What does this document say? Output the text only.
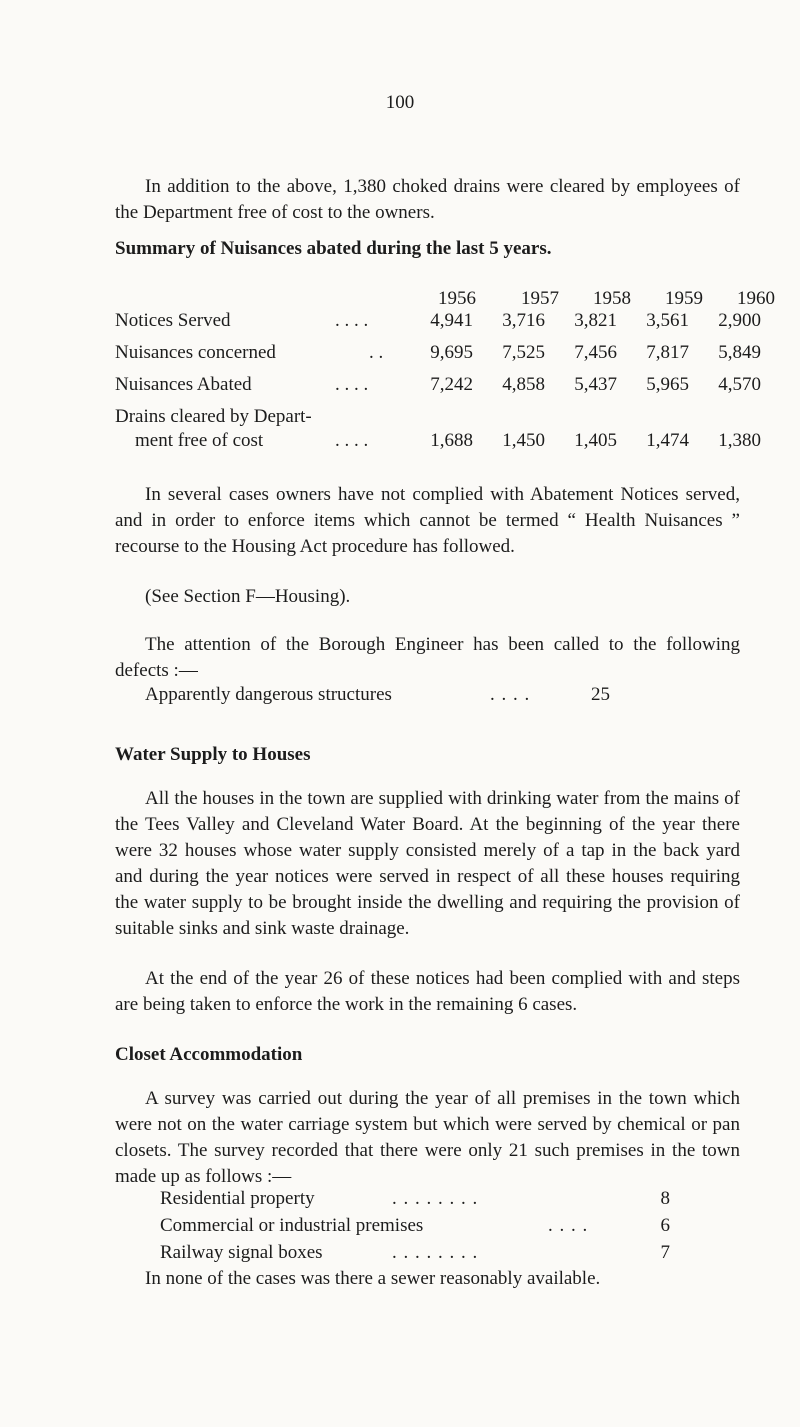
100

In addition to the above, 1,380 choked drains were cleared by employees of the Department free of cost to the owners.

Summary of Nuisances abated during the last 5 years.

1956	1957	1958	1959	1960
Notices Served	. . . .	4,941	3,716	3,821	3,561	2,900
Nuisances concerned	. .	9,695	7,525	7,456	7,817	5,849
Nuisances Abated	. . . .	7,242	4,858	5,437	5,965	4,570
Drains cleared by Depart-
ment free of cost	. . . .	1,688	1,450	1,405	1,474	1,380

In several cases owners have not complied with Abatement Notices served, and in order to enforce items which cannot be termed “ Health Nuisances ” recourse to the Housing Act procedure has followed.

(See Section F—Housing).

The attention of the Borough Engineer has been called to the following defects :—

Apparently dangerous structures	. . . .	25

Water Supply to Houses

All the houses in the town are supplied with drinking water from the mains of the Tees Valley and Cleveland Water Board. At the beginning of the year there were 32 houses whose water supply consisted merely of a tap in the back yard and during the year notices were served in respect of all these houses requiring the water supply to be brought inside the dwelling and requiring the provision of suitable sinks and sink waste drainage.

At the end of the year 26 of these notices had been complied with and steps are being taken to enforce the work in the remaining 6 cases.

Closet Accommodation

A survey was carried out during the year of all premises in the town which were not on the water carriage system but which were served by chemical or pan closets. The survey recorded that there were only 21 such premises in the town made up as follows :—

Residential property	. . . . . . . .	8
Commercial or industrial premises	. . . .	6
Railway signal boxes	. . . . . . . .	7

In none of the cases was there a sewer reasonably available.
